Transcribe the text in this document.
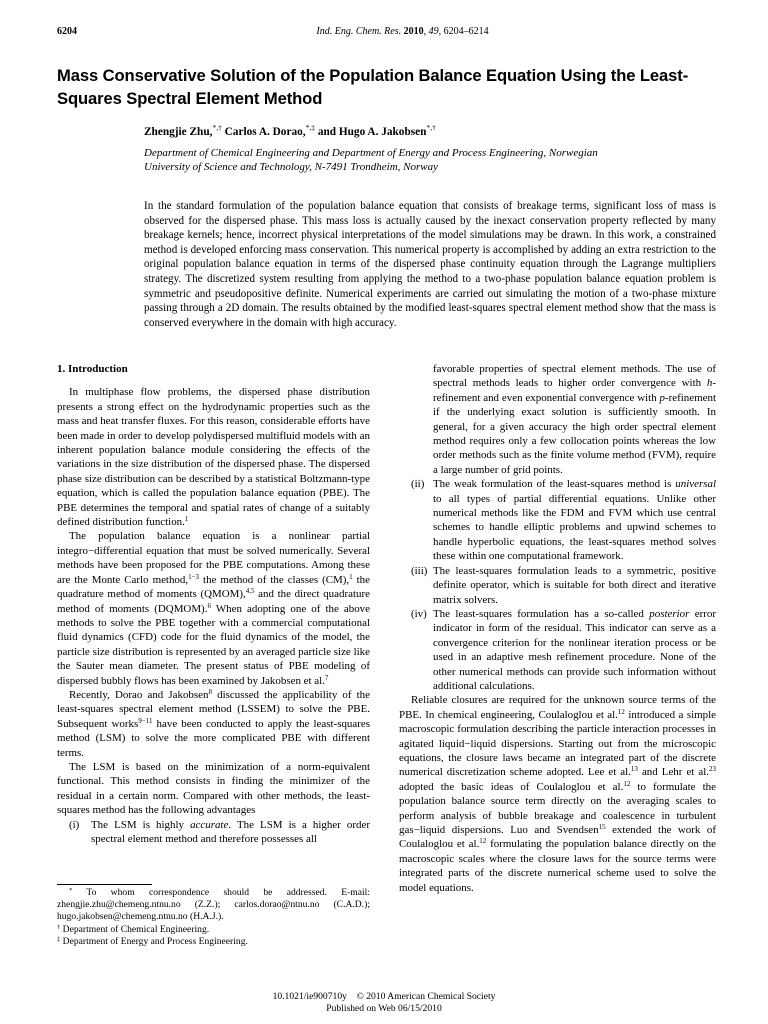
6204	Ind. Eng. Chem. Res. 2010, 49, 6204–6214
Mass Conservative Solution of the Population Balance Equation Using the Least-Squares Spectral Element Method
Zhengjie Zhu,*,† Carlos A. Dorao,*,‡ and Hugo A. Jakobsen*,†
Department of Chemical Engineering and Department of Energy and Process Engineering, Norwegian
University of Science and Technology, N-7491 Trondheim, Norway
In the standard formulation of the population balance equation that consists of breakage terms, significant loss of mass is observed for the dispersed phase. This mass loss is actually caused by the inexact conservation property reflected by many breakage kernels; hence, incorrect physical interpretations of the model simulations may be drawn. In this work, a constrained method is developed enforcing mass conservation. This numerical property is accomplished by adding an extra restriction to the original population balance equation in terms of the dispersed phase continuity equation through the Lagrange multipliers strategy. The discretized system resulting from applying the method to a two-phase population balance equation problem is symmetric and pseudopositive definite. Numerical experiments are carried out simulating the motion of a two-phase mixture passing through a 2D domain. The results obtained by the modified least-squares spectral element method show that the mass is conserved everywhere in the domain with high accuracy.

1. Introduction

In multiphase flow problems, the dispersed phase distribution presents a strong effect on the hydrodynamic properties such as the mass and heat transfer fluxes. For this reason, considerable efforts have been made in order to develop polydispersed multifluid models with an inherent population balance module considering the effects of the variations in the size distribution of the dispersed phase. The dispersed phase size distribution can be described by a statistical Boltzmann-type equation, which is called the population balance equation (PBE). The PBE determines the temporal and spatial rates of change of a suitably defined distribution function.$^1$

The population balance equation is a nonlinear partial integro−differential equation that must be solved numerically. Several methods have been proposed for the PBE computations. Among these are the Monte Carlo method,$^{1-3}$ the method of the classes (CM),$^1$ the quadrature method of moments (QMOM),$^{4,5}$ and the direct quadrature method of moments (DQMOM).$^6$ When adopting one of the above methods to solve the PBE together with a commercial computational fluid dynamics (CFD) code for the fluid dynamics of the model, the particle size distribution is represented by an averaged particle size like the Sauter mean diameter. The present status of PBE modeling of dispersed bubbly flows has been examined by Jakobsen et al.$^7$

Recently, Dorao and Jakobsen$^8$ discussed the applicability of the least-squares spectral element method (LSSEM) to solve the PBE. Subsequent works$^{9-11}$ have been conducted to apply the least-squares method (LSM) to solve the more complicated PBE with different terms.

The LSM is based on the minimization of a norm-equivalent functional. This method consists in finding the minimizer of the residual in a certain norm. Compared with other methods, the least-squares method has the following advantages

(i)	The LSM is highly accurate. The LSM is a higher order spectral element method and therefore possesses all

* To whom correspondence should be addressed. E-mail: zhengjie.zhu@chemeng.ntnu.no (Z.Z.); carlos.dorao@ntnu.no (C.A.D.); hugo.jakobsen@chemeng.ntnu.no (H.A.J.).

† Department of Chemical Engineering.

‡ Department of Energy and Process Engineering.

favorable properties of spectral element methods. The use of spectral methods leads to higher order convergence with h-refinement and even exponential convergence with p-refinement if the underlying exact solution is sufficiently smooth. In general, for a given accuracy the high order spectral element method requires only a few collocation points whereas the low order methods such as the finite volume method (FVM), require a large number of grid points.

(ii) The weak formulation of the least-squares method is universal to all types of partial differential equations. Unlike other numerical methods like the FDM and FVM which use central schemes to handle elliptic problems and upwind schemes to handle hyperbolic equations, the least-squares method solves these within one computational framework.

(iii) The least-squares formulation leads to a symmetric, positive definite operator, which is suitable for both direct and iterative matrix solvers.

(iv) The least-squares formulation has a so-called posterior error indicator in form of the residual. This indicator can serve as a convergence criterion for the nonlinear iteration process or be used in an adaptive mesh refinement procedure. None of the other numerical methods can provide such information without additional calculations.

Reliable closures are required for the unknown source terms of the PBE. In chemical engineering, Coulaloglou et al.$^{12}$ introduced a simple macroscopic formulation describing the particle interaction processes in agitated liquid−liquid dispersions. Starting out from the microscopic equations, the closure laws became an integrated part of the discrete numerical discretization scheme adopted. Lee et al.$^{13}$ and Lehr et al.$^{23}$ adopted the basic ideas of Coulaloglou et al.$^{12}$ to formulate the population balance source term directly on the averaging scales to perform analysis of bubble breakage and coalescence in turbulent gas−liquid dispersions. Luo and Svendsen$^{15}$ extended the work of Coulaloglou et al.$^{12}$ formulating the population balance directly on the macroscopic scales where the closure laws for the source terms were integrated parts of the discrete numerical scheme used to solve the model equations.

10.1021/ie900710y © 2010 American Chemical Society
Published on Web 06/15/2010
